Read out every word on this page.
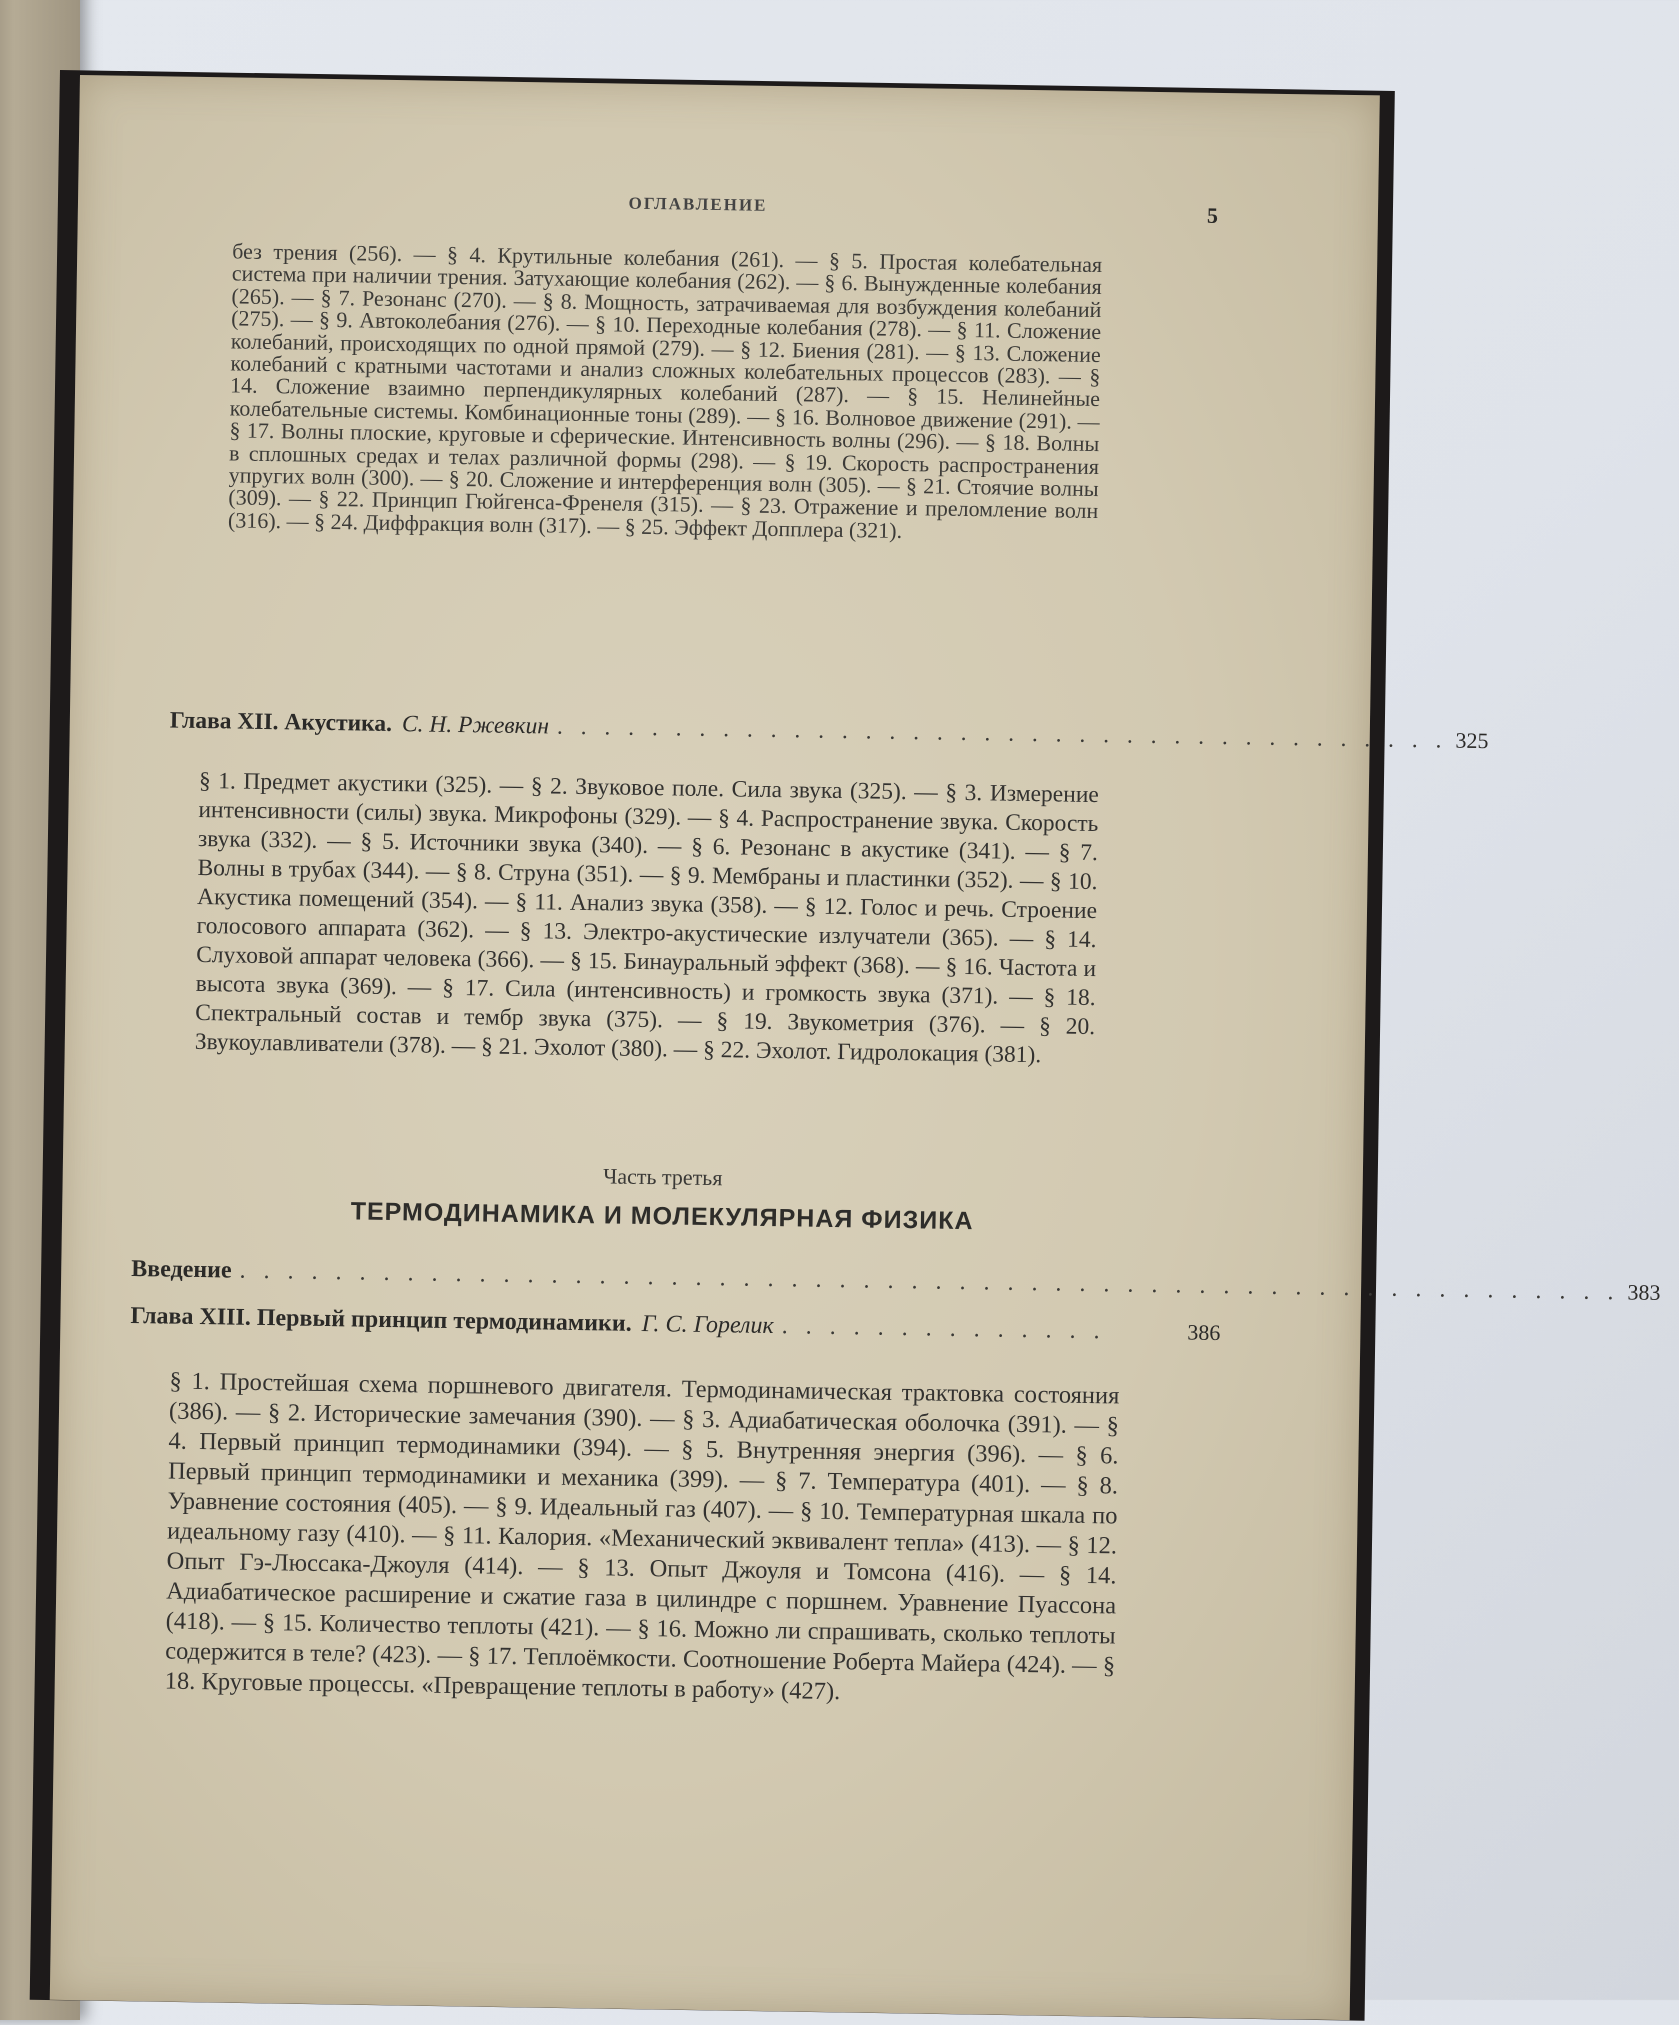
ОГЛАВЛЕНИЕ	5
без трения (256). — § 4. Крутильные колебания (261). — § 5. Простая колебательная система при наличии трения. Затухающие колебания (262). — § 6. Вынужденные колебания (265). — § 7. Резонанс (270). — § 8. Мощность, затрачиваемая для возбуждения колебаний (275). — § 9. Автоколебания (276). — § 10. Переходные колебания (278). — § 11. Сложение колебаний, происходящих по одной прямой (279). — § 12. Биения (281). — § 13. Сложение колебаний с кратными частотами и анализ сложных колебательных процессов (283). — § 14. Сложение взаимно перпендикулярных колебаний (287). — § 15. Нелинейные колебательные системы. Комбинационные тоны (289). — § 16. Волновое движение (291). — § 17. Волны плоские, круговые и сферические. Интенсивность волны (296). — § 18. Волны в сплошных средах и телах различной формы (298). — § 19. Скорость распространения упругих волн (300). — § 20. Сложение и интерференция волн (305). — § 21. Стоячие волны (309). — § 22. Принцип Гюйгенса-Френеля (315). — § 23. Отражение и преломление волн (316). — § 24. Диффракция волн (317). — § 25. Эффект Допплера (321).
Глава XII. Акустика. С. Н. Ржевкин . . . . . . . . . . . . . . . . . . . . . . . . . . . . . . . . . . . . . . 325
§ 1. Предмет акустики (325). — § 2. Звуковое поле. Сила звука (325). — § 3. Измерение интенсивности (силы) звука. Микрофоны (329). — § 4. Распространение звука. Скорость звука (332). — § 5. Источники звука (340). — § 6. Резонанс в акустике (341). — § 7. Волны в трубах (344). — § 8. Струна (351). — § 9. Мембраны и пластинки (352). — § 10. Акустика помещений (354). — § 11. Анализ звука (358). — § 12. Голос и речь. Строение голосового аппарата (362). — § 13. Электро-акустические излучатели (365). — § 14. Слуховой аппарат человека (366). — § 15. Бинауральный эффект (368). — § 16. Частота и высота звука (369). — § 17. Сила (интенсивность) и громкость звука (371). — § 18. Спектральный состав и тембр звука (375). — § 19. Звукометрия (376). — § 20. Звукоулавливатели (378). — § 21. Эхолот (380). — § 22. Эхолот. Гидролокация (381).
Часть третья
ТЕРМОДИНАМИКА И МОЛЕКУЛЯРНАЯ ФИЗИКА
Введение . . . . . . . . . . . . . . . . . . . . . . . . . . . . . . . . . . . . . . . . . . . . . . . . . . . . . . . . . . 383
Глава XIII. Первый принцип термодинамики. Г. С. Горелик . . . . . . . . . . . . . .	386
§ 1. Простейшая схема поршневого двигателя. Термодинамическая трактовка состояния (386). — § 2. Исторические замечания (390). — § 3. Адиабатическая оболочка (391). — § 4. Первый принцип термодинамики (394). — § 5. Внутренняя энергия (396). — § 6. Первый принцип термодинамики и механика (399). — § 7. Температура (401). — § 8. Уравнение состояния (405). — § 9. Идеальный газ (407). — § 10. Температурная шкала по идеальному газу (410). — § 11. Калория. «Механический эквивалент тепла» (413). — § 12. Опыт Гэ-Люссака-Джоуля (414). — § 13. Опыт Джоуля и Томсона (416). — § 14. Адиабатическое расширение и сжатие газа в цилиндре с поршнем. Уравнение Пуассона (418). — § 15. Количество теплоты (421). — § 16. Можно ли спрашивать, сколько теплоты содержится в теле? (423). — § 17. Теплоёмкости. Соотношение Роберта Майера (424). — § 18. Круговые процессы. «Превращение теплоты в работу» (427).
